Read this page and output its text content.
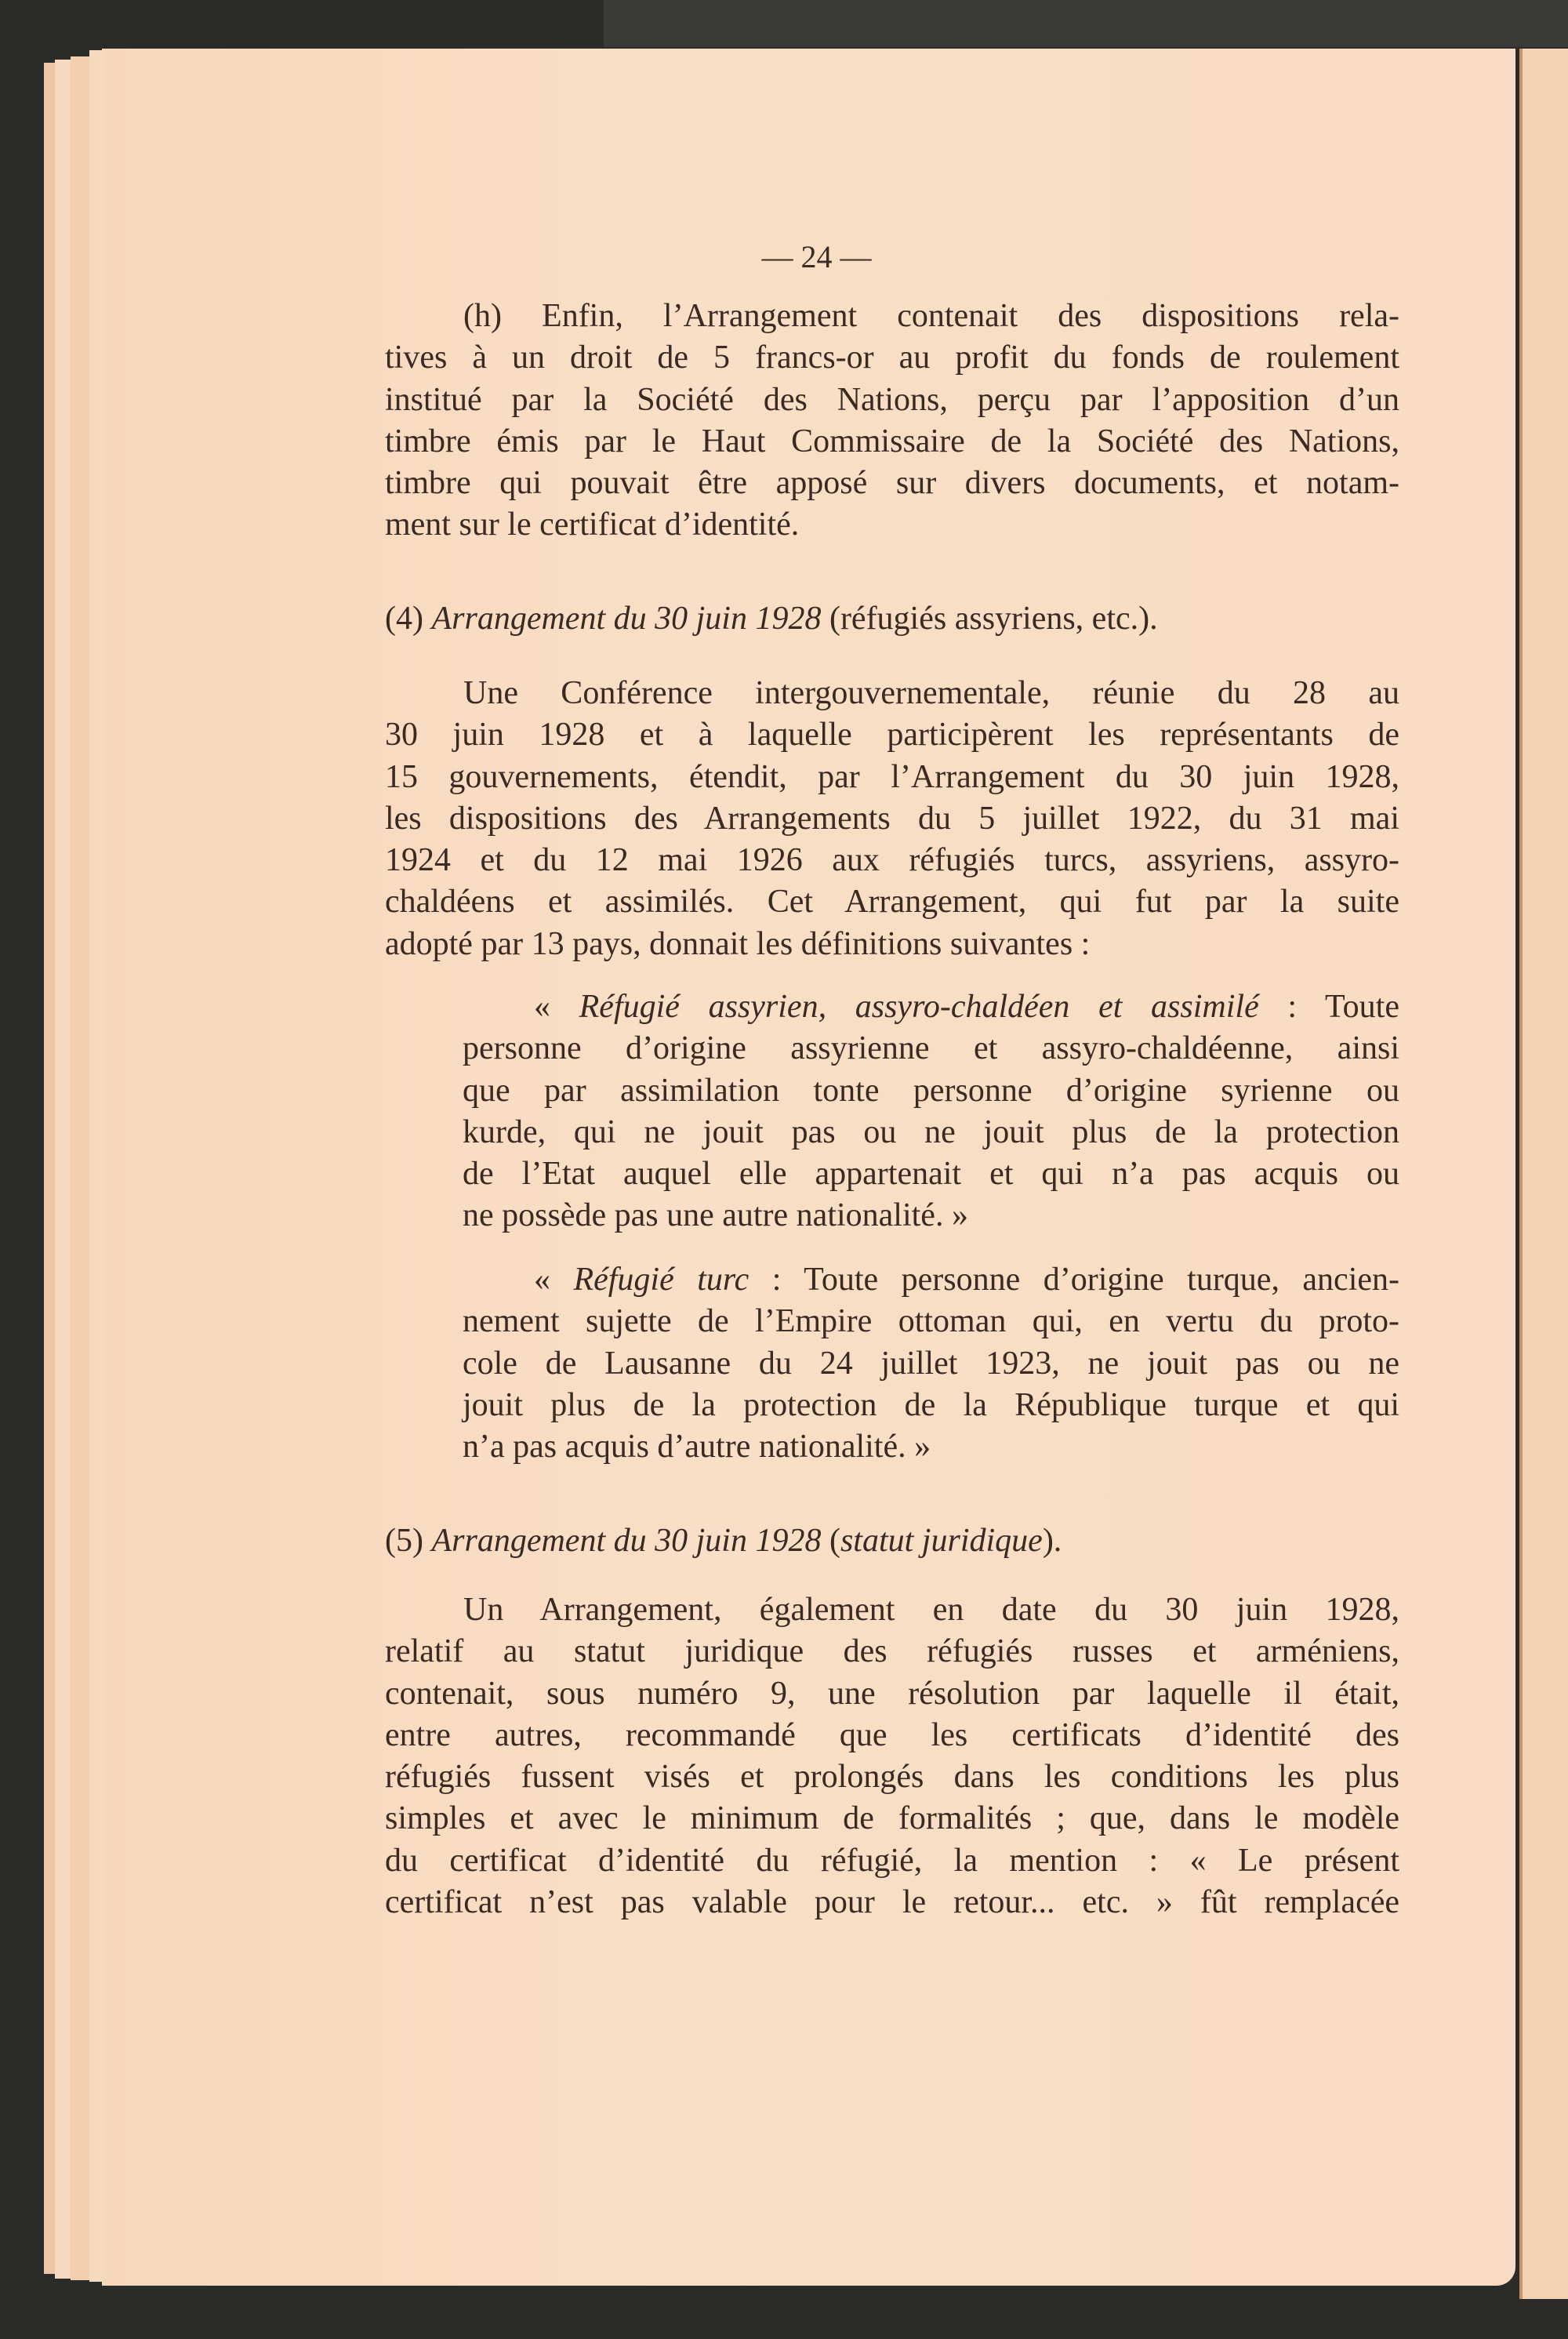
— 24 —
(h) Enfin, l’Arrangement contenait des dispositions rela-
tives à un droit de 5 francs-or au profit du fonds de roulement
institué par la Société des Nations, perçu par l’apposition d’un
timbre émis par le Haut Commissaire de la Société des Nations,
timbre qui pouvait être apposé sur divers documents, et notam-
ment sur le certificat d’identité.
(4) Arrangement du 30 juin 1928 (réfugiés assyriens, etc.).
Une Conférence intergouvernementale, réunie du 28 au
30 juin 1928 et à laquelle participèrent les représentants de
15 gouvernements, étendit, par l’Arrangement du 30 juin 1928,
les dispositions des Arrangements du 5 juillet 1922, du 31 mai
1924 et du 12 mai 1926 aux réfugiés turcs, assyriens, assyro-
chaldéens et assimilés. Cet Arrangement, qui fut par la suite
adopté par 13 pays, donnait les définitions suivantes :
« Réfugié assyrien, assyro-chaldéen et assimilé : Toute
personne d’origine assyrienne et assyro-chaldéenne, ainsi
que par assimilation tonte personne d’origine syrienne ou
kurde, qui ne jouit pas ou ne jouit plus de la protection
de l’Etat auquel elle appartenait et qui n’a pas acquis ou
ne possède pas une autre nationalité. »
« Réfugié turc : Toute personne d’origine turque, ancien-
nement sujette de l’Empire ottoman qui, en vertu du proto-
cole de Lausanne du 24 juillet 1923, ne jouit pas ou ne
jouit plus de la protection de la République turque et qui
n’a pas acquis d’autre nationalité. »
(5) Arrangement du 30 juin 1928 (statut juridique).
Un Arrangement, également en date du 30 juin 1928,
relatif au statut juridique des réfugiés russes et arméniens,
contenait, sous numéro 9, une résolution par laquelle il était,
entre autres, recommandé que les certificats d’identité des
réfugiés fussent visés et prolongés dans les conditions les plus
simples et avec le minimum de formalités ; que, dans le modèle
du certificat d’identité du réfugié, la mention : « Le présent
certificat n’est pas valable pour le retour... etc. » fût remplacée
